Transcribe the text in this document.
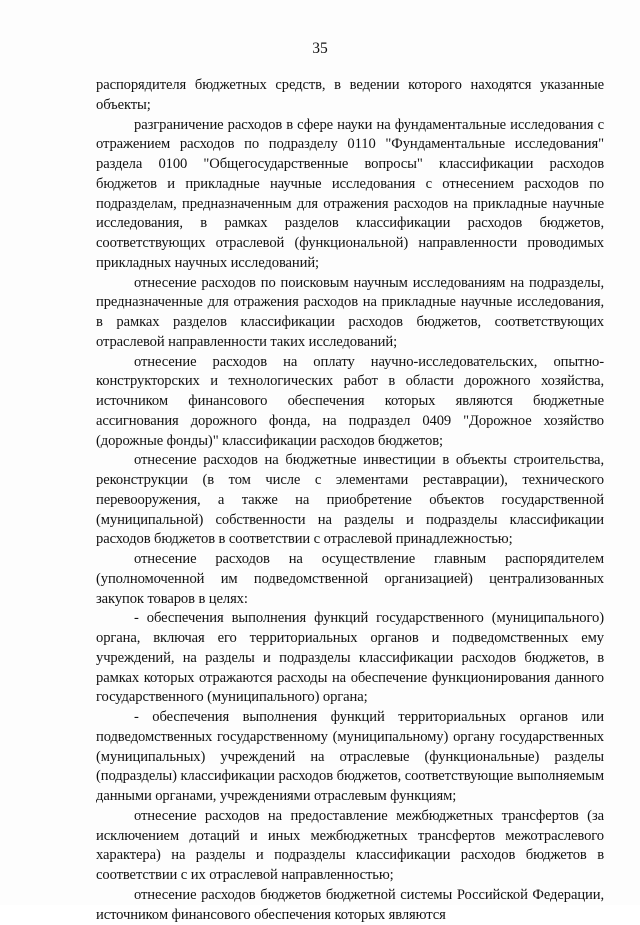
35

распорядителя бюджетных средств, в ведении которого находятся указанные объекты;

разграничение расходов в сфере науки на фундаментальные исследования с отражением расходов по подразделу 0110 "Фундаментальные исследования" раздела 0100 "Общегосударственные вопросы" классификации расходов бюджетов и прикладные научные исследования с отнесением расходов по подразделам, предназначенным для отражения расходов на прикладные научные исследования, в рамках разделов классификации расходов бюджетов, соответствующих отраслевой (функциональной) направленности проводимых прикладных научных исследований;

отнесение расходов по поисковым научным исследованиям на подразделы, предназначенные для отражения расходов на прикладные научные исследования, в рамках разделов классификации расходов бюджетов, соответствующих отраслевой направленности таких исследований;

отнесение расходов на оплату научно-исследовательских, опытно-конструкторских и технологических работ в области дорожного хозяйства, источником финансового обеспечения которых являются бюджетные ассигнования дорожного фонда, на подраздел 0409 "Дорожное хозяйство (дорожные фонды)" классификации расходов бюджетов;

отнесение расходов на бюджетные инвестиции в объекты строительства, реконструкции (в том числе с элементами реставрации), технического перевооружения, а также на приобретение объектов государственной (муниципальной) собственности на разделы и подразделы классификации расходов бюджетов в соответствии с отраслевой принадлежностью;

отнесение расходов на осуществление главным распорядителем (уполномоченной им подведомственной организацией) централизованных закупок товаров в целях:

- обеспечения выполнения функций государственного (муниципального) органа, включая его территориальных органов и подведомственных ему учреждений, на разделы и подразделы классификации расходов бюджетов, в рамках которых отражаются расходы на обеспечение функционирования данного государственного (муниципального) органа;

- обеспечения выполнения функций территориальных органов или подведомственных государственному (муниципальному) органу государственных (муниципальных) учреждений на отраслевые (функциональные) разделы (подразделы) классификации расходов бюджетов, соответствующие выполняемым данными органами, учреждениями отраслевым функциям;

отнесение расходов на предоставление межбюджетных трансфертов (за исключением дотаций и иных межбюджетных трансфертов межотраслевого характера) на разделы и подразделы классификации расходов бюджетов в соответствии с их отраслевой направленностью;

отнесение расходов бюджетов бюджетной системы Российской Федерации, источником финансового обеспечения которых являются
